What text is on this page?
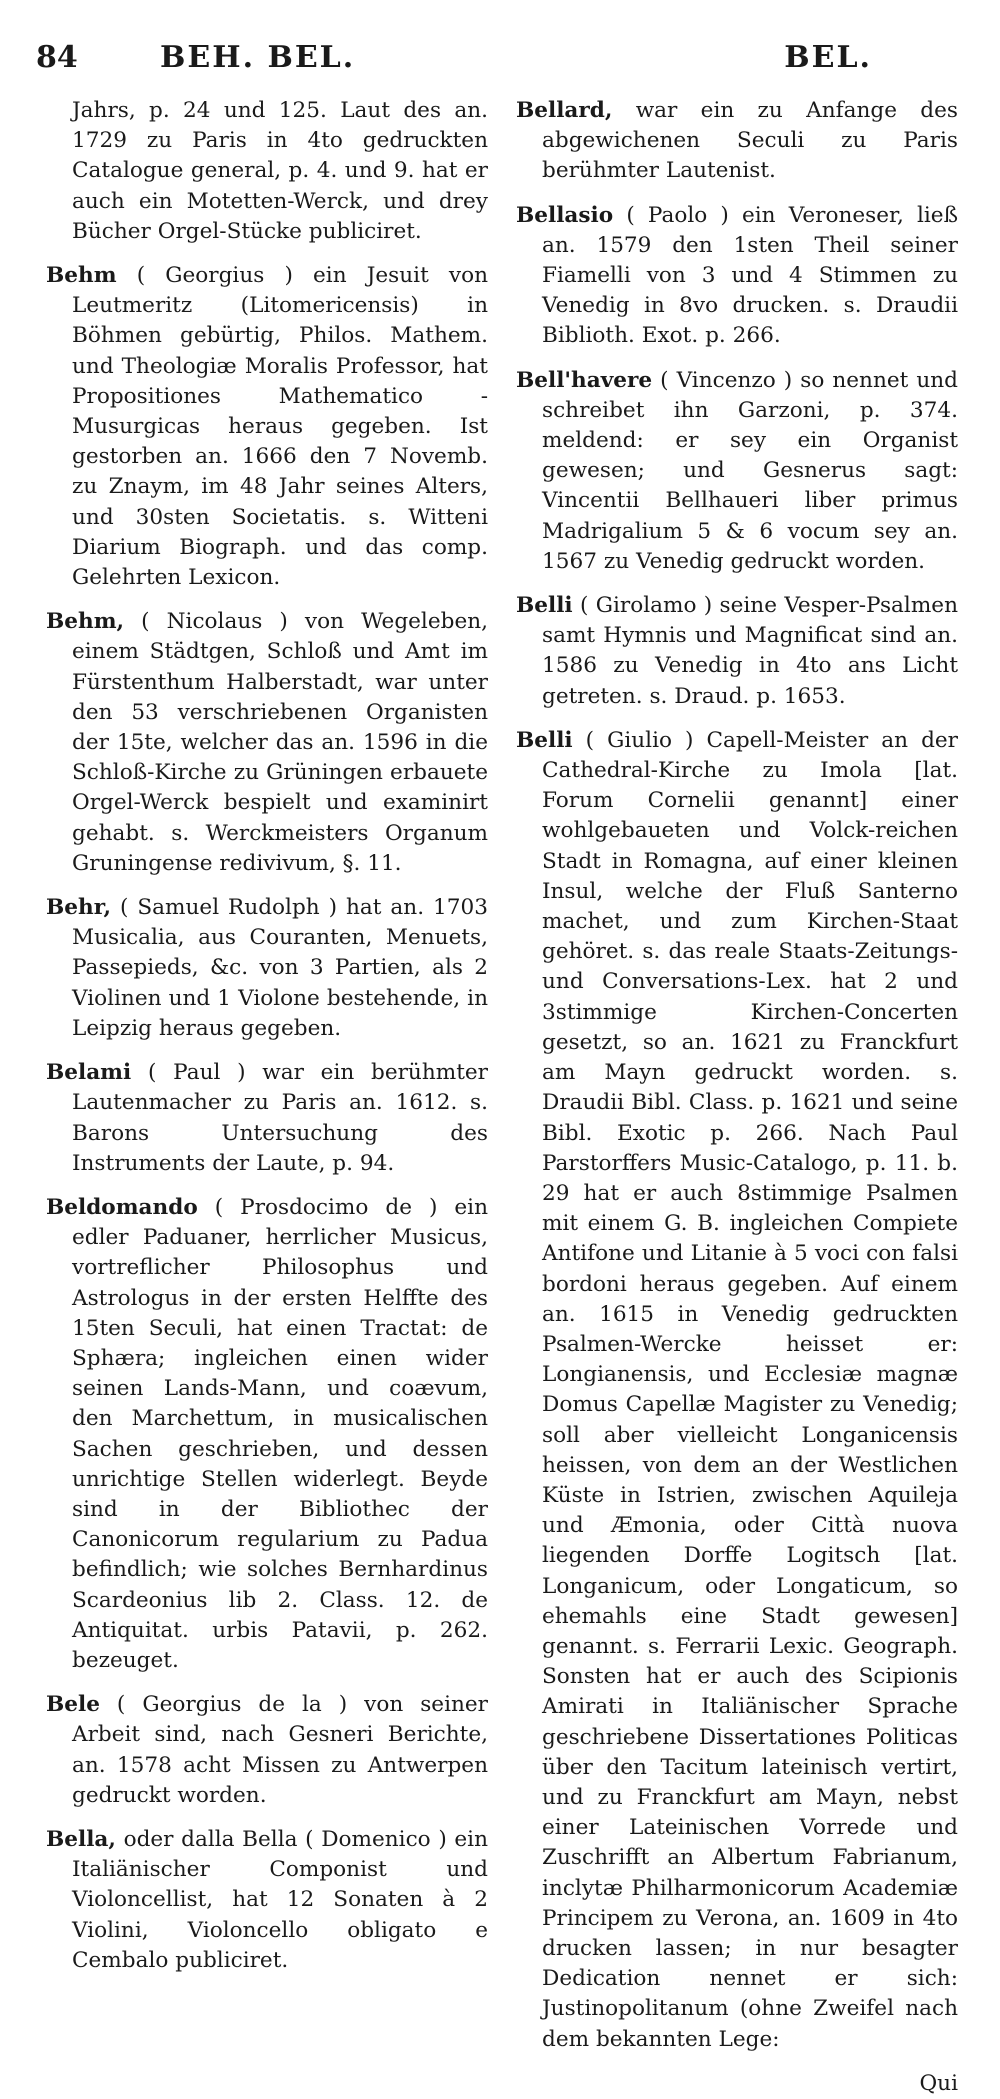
84	BEH. BEL.	BEL.

Jahrs, p. 24 und 125. Laut des an. 1729 zu Paris in 4to gedruckten Catalogue general, p. 4. und 9. hat er auch ein Motetten-Werck, und drey Bücher Orgel-Stücke publiciret.

Behm ( Georgius ) ein Jesuit von Leutmeritz (Litomericensis) in Böhmen gebürtig, Philos. Mathem. und Theologiæ Moralis Professor, hat Propositiones Mathematico - Musurgicas heraus gegeben. Ist gestorben an. 1666 den 7 Novemb. zu Znaym, im 48 Jahr seines Alters, und 30sten Societatis. s. Witteni Diarium Biograph. und das comp. Gelehrten Lexicon.

Behm, ( Nicolaus ) von Wegeleben, einem Städtgen, Schloß und Amt im Fürstenthum Halberstadt, war unter den 53 verschriebenen Organisten der 15te, welcher das an. 1596 in die Schloß-Kirche zu Grüningen erbauete Orgel-Werck bespielt und examinirt gehabt. s. Werckmeisters Organum Gruningense redivivum, §. 11.

Behr, ( Samuel Rudolph ) hat an. 1703 Musicalia, aus Couranten, Menuets, Passepieds, &c. von 3 Partien, als 2 Violinen und 1 Violone bestehende, in Leipzig heraus gegeben.

Belami ( Paul ) war ein berühmter Lautenmacher zu Paris an. 1612. s. Barons Untersuchung des Instruments der Laute, p. 94.

Beldomando ( Prosdocimo de ) ein edler Paduaner, herrlicher Musicus, vortreflicher Philosophus und Astrologus in der ersten Helffte des 15ten Seculi, hat einen Tractat: de Sphæra; ingleichen einen wider seinen Lands-Mann, und coævum, den Marchettum, in musicalischen Sachen geschrieben, und dessen unrichtige Stellen widerlegt. Beyde sind in der Bibliothec der Canonicorum regularium zu Padua befindlich; wie solches Bernhardinus Scardeonius lib 2. Class. 12. de Antiquitat. urbis Patavii, p. 262. bezeuget.

Bele ( Georgius de la ) von seiner Arbeit sind, nach Gesneri Berichte, an. 1578 acht Missen zu Antwerpen gedruckt worden.

Bella, oder dalla Bella ( Domenico ) ein Italiänischer Componist und Violoncellist, hat 12 Sonaten à 2 Violini, Violoncello obligato e Cembalo publiciret.

Bellard, war ein zu Anfange des abgewichenen Seculi zu Paris berühmter Lautenist.

Bellasio ( Paolo ) ein Veroneser, ließ an. 1579 den 1sten Theil seiner Fiamelli von 3 und 4 Stimmen zu Venedig in 8vo drucken. s. Draudii Biblioth. Exot. p. 266.

Bell'havere ( Vincenzo ) so nennet und schreibet ihn Garzoni, p. 374. meldend: er sey ein Organist gewesen; und Gesnerus sagt: Vincentii Bellhaueri liber primus Madrigalium 5 & 6 vocum sey an. 1567 zu Venedig gedruckt worden.

Belli ( Girolamo ) seine Vesper-Psalmen samt Hymnis und Magnificat sind an. 1586 zu Venedig in 4to ans Licht getreten. s. Draud. p. 1653.

Belli ( Giulio ) Capell-Meister an der Cathedral-Kirche zu Imola [lat. Forum Cornelii genannt] einer wohlgebaueten und Volck-reichen Stadt in Romagna, auf einer kleinen Insul, welche der Fluß Santerno machet, und zum Kirchen-Staat gehöret. s. das reale Staats-Zeitungs- und Conversations-Lex. hat 2 und 3stimmige Kirchen-Concerten gesetzt, so an. 1621 zu Franckfurt am Mayn gedruckt worden. s. Draudii Bibl. Class. p. 1621 und seine Bibl. Exotic p. 266. Nach Paul Parstorffers Music-Catalogo, p. 11. b. 29 hat er auch 8stimmige Psalmen mit einem G. B. ingleichen Compiete Antifone und Litanie à 5 voci con falsi bordoni heraus gegeben. Auf einem an. 1615 in Venedig gedruckten Psalmen-Wercke heisset er: Longianensis, und Ecclesiæ magnæ Domus Capellæ Magister zu Venedig; soll aber vielleicht Longanicensis heissen, von dem an der Westlichen Küste in Istrien, zwischen Aquileja und Æmonia, oder Città nuova liegenden Dorffe Logitsch [lat. Longanicum, oder Longaticum, so ehemahls eine Stadt gewesen] genannt. s. Ferrarii Lexic. Geograph. Sonsten hat er auch des Scipionis Amirati in Italiänischer Sprache geschriebene Dissertationes Politicas über den Tacitum lateinisch vertirt, und zu Franckfurt am Mayn, nebst einer Lateinischen Vorrede und Zuschrifft an Albertum Fabrianum, inclytæ Philharmonicorum Academiæ Principem zu Verona, an. 1609 in 4to drucken lassen; in nur besagter Dedication nennet er sich: Justinopolitanum (ohne Zweifel nach dem bekannten Lege:

Qui
